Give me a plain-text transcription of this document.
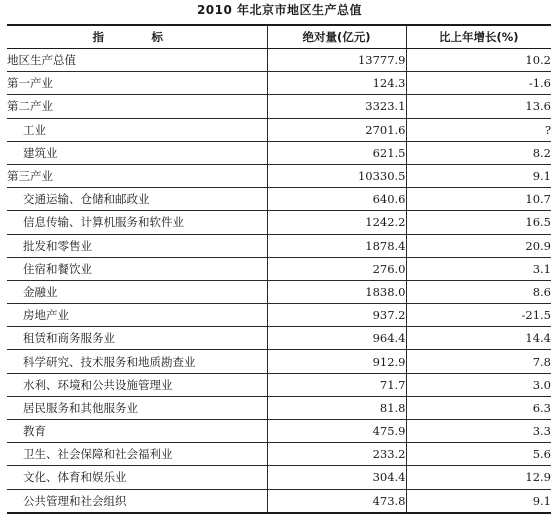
2010 年北京市地区生产总值
指　标	绝对量(亿元)	比上年增长(%)
地区生产总值	13777.9	10.2
第一产业	124.3	-1.6
第二产业	3323.1	13.6
工业	2701.6	?
建筑业	621.5	8.2
第三产业	10330.5	9.1
交通运输、仓储和邮政业	640.6	10.7
信息传输、计算机服务和软件业	1242.2	16.5
批发和零售业	1878.4	20.9
住宿和餐饮业	276.0	3.1
金融业	1838.0	8.6
房地产业	937.2	-21.5
租赁和商务服务业	964.4	14.4
科学研究、技术服务和地质勘查业	912.9	7.8
水利、环境和公共设施管理业	71.7	3.0
居民服务和其他服务业	81.8	6.3
教育	475.9	3.3
卫生、社会保障和社会福利业	233.2	5.6
文化、体育和娱乐业	304.4	12.9
公共管理和社会组织	473.8	9.1
